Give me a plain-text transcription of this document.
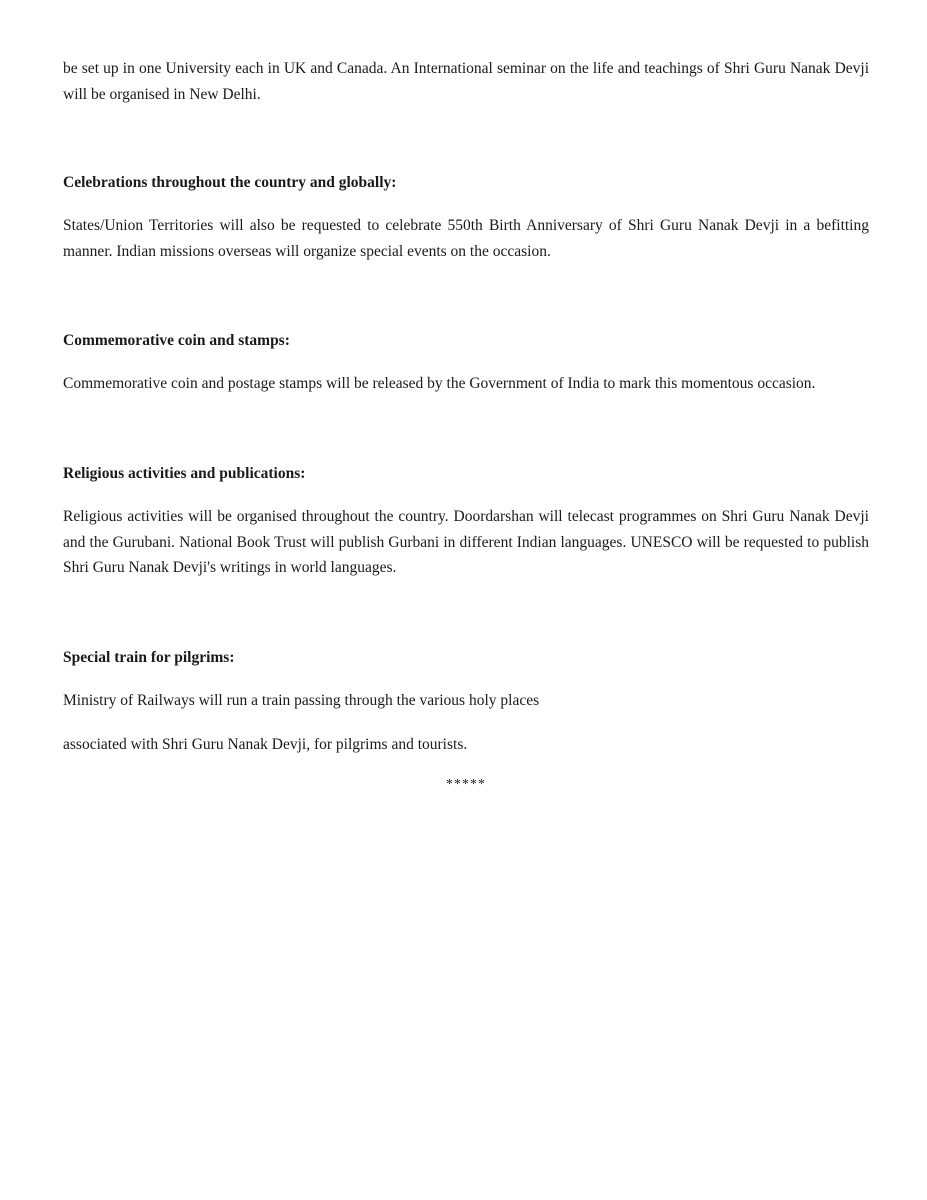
be set up in one University each in UK and Canada. An International seminar on the life and teachings of Shri Guru Nanak Devji will be organised in New Delhi.

Celebrations throughout the country and globally:

States/Union Territories will also be requested to celebrate 550th Birth Anniversary of Shri Guru Nanak Devji in a befitting manner. Indian missions overseas will organize special events on the occasion.

Commemorative coin and stamps:

Commemorative coin and postage stamps will be released by the Government of India to mark this momentous occasion.

Religious activities and publications:

Religious activities will be organised throughout the country. Doordarshan will telecast programmes on Shri Guru Nanak Devji and the Gurubani. National Book Trust will publish Gurbani in different Indian languages. UNESCO will be requested to publish Shri Guru Nanak Devji's writings in world languages.

Special train for pilgrims:

Ministry of Railways will run a train passing through the various holy places

associated with Shri Guru Nanak Devji, for pilgrims and tourists.

*****
